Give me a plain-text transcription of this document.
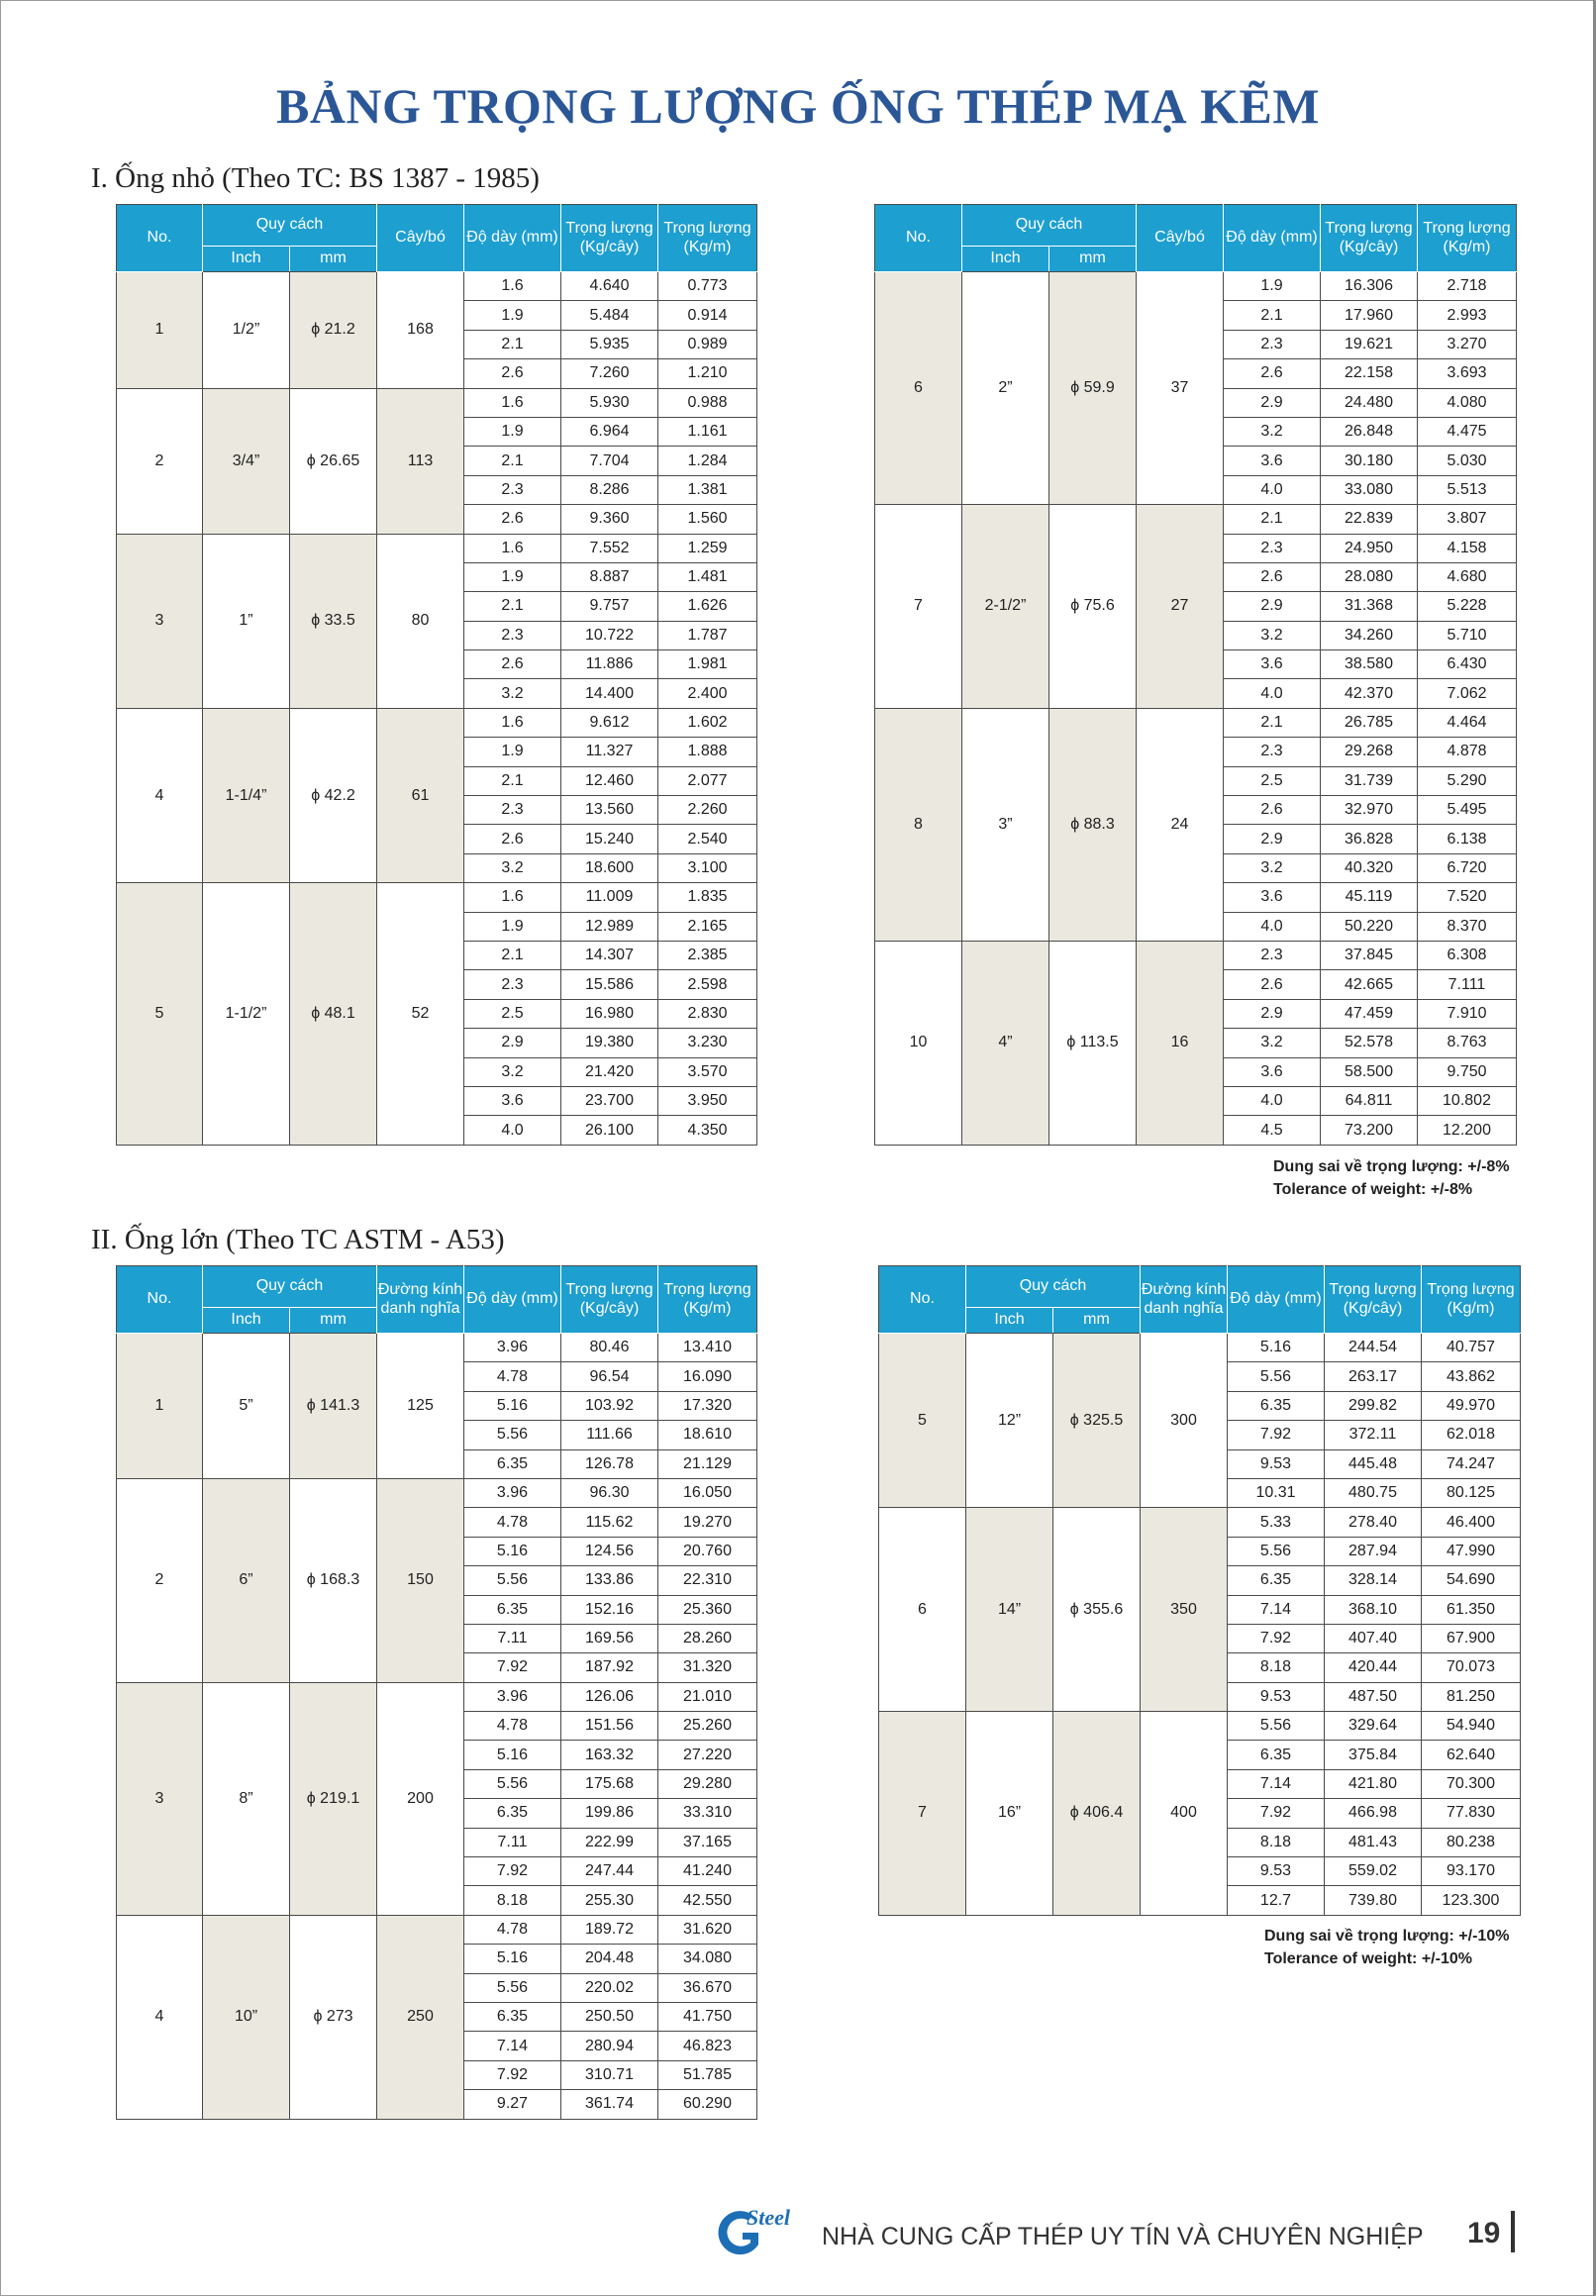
BẢNG TRỌNG LƯỢNG ỐNG THÉP MẠ KẼM
I. Ống nhỏ (Theo TC: BS 1387 - 1985)
No.	Quy cách		Cây/bó	Độ dày (mm)	Trọng lượng (Kg/cây)	Trọng lượng (Kg/m)
	Inch	mm				
1	1/2”	ϕ 21.2	168	1.6	4.640	0.773
				1.9	5.484	0.914
				2.1	5.935	0.989
				2.6	7.260	1.210
2	3/4”	ϕ 26.65	113	1.6	5.930	0.988
				1.9	6.964	1.161
				2.1	7.704	1.284
				2.3	8.286	1.381
				2.6	9.360	1.560
3	1”	ϕ 33.5	80	1.6	7.552	1.259
				1.9	8.887	1.481
				2.1	9.757	1.626
				2.3	10.722	1.787
				2.6	11.886	1.981
				3.2	14.400	2.400
4	1-1/4”	ϕ 42.2	61	1.6	9.612	1.602
				1.9	11.327	1.888
				2.1	12.460	2.077
				2.3	13.560	2.260
				2.6	15.240	2.540
				3.2	18.600	3.100
5	1-1/2”	ϕ 48.1	52	1.6	11.009	1.835
				1.9	12.989	2.165
				2.1	14.307	2.385
				2.3	15.586	2.598
				2.5	16.980	2.830
				2.9	19.380	3.230
				3.2	21.420	3.570
				3.6	23.700	3.950
				4.0	26.100	4.350
No.	Quy cách		Cây/bó	Độ dày (mm)	Trọng lượng (Kg/cây)	Trọng lượng (Kg/m)
	Inch	mm				
6	2”	ϕ 59.9	37	1.9	16.306	2.718
				2.1	17.960	2.993
				2.3	19.621	3.270
				2.6	22.158	3.693
				2.9	24.480	4.080
				3.2	26.848	4.475
				3.6	30.180	5.030
				4.0	33.080	5.513
7	2-1/2”	ϕ 75.6	27	2.1	22.839	3.807
				2.3	24.950	4.158
				2.6	28.080	4.680
				2.9	31.368	5.228
				3.2	34.260	5.710
				3.6	38.580	6.430
				4.0	42.370	7.062
8	3”	ϕ 88.3	24	2.1	26.785	4.464
				2.3	29.268	4.878
				2.5	31.739	5.290
				2.6	32.970	5.495
				2.9	36.828	6.138
				3.2	40.320	6.720
				3.6	45.119	7.520
				4.0	50.220	8.370
10	4”	ϕ 113.5	16	2.3	37.845	6.308
				2.6	42.665	7.111
				2.9	47.459	7.910
				3.2	52.578	8.763
				3.6	58.500	9.750
				4.0	64.811	10.802
				4.5	73.200	12.200
Dung sai về trọng lượng: +/-8%
Tolerance of weight: +/-8%
II. Ống lớn (Theo TC ASTM - A53)
No.	Quy cách		Đường kính danh nghĩa	Độ dày (mm)	Trọng lượng (Kg/cây)	Trọng lượng (Kg/m)
	Inch	mm				
1	5”	ϕ 141.3	125	3.96	80.46	13.410
				4.78	96.54	16.090
				5.16	103.92	17.320
				5.56	111.66	18.610
				6.35	126.78	21.129
2	6”	ϕ 168.3	150	3.96	96.30	16.050
				4.78	115.62	19.270
				5.16	124.56	20.760
				5.56	133.86	22.310
				6.35	152.16	25.360
				7.11	169.56	28.260
				7.92	187.92	31.320
3	8”	ϕ 219.1	200	3.96	126.06	21.010
				4.78	151.56	25.260
				5.16	163.32	27.220
				5.56	175.68	29.280
				6.35	199.86	33.310
				7.11	222.99	37.165
				7.92	247.44	41.240
				8.18	255.30	42.550
4	10”	ϕ 273	250	4.78	189.72	31.620
				5.16	204.48	34.080
				5.56	220.02	36.670
				6.35	250.50	41.750
				7.14	280.94	46.823
				7.92	310.71	51.785
				9.27	361.74	60.290
No.	Quy cách		Đường kính danh nghĩa	Độ dày (mm)	Trọng lượng (Kg/cây)	Trọng lượng (Kg/m)
	Inch	mm				
5	12”	ϕ 325.5	300	5.16	244.54	40.757
				5.56	263.17	43.862
				6.35	299.82	49.970
				7.92	372.11	62.018
				9.53	445.48	74.247
				10.31	480.75	80.125
6	14”	ϕ 355.6	350	5.33	278.40	46.400
				5.56	287.94	47.990
				6.35	328.14	54.690
				7.14	368.10	61.350
				7.92	407.40	67.900
				8.18	420.44	70.073
				9.53	487.50	81.250
7	16”	ϕ 406.4	400	5.56	329.64	54.940
				6.35	375.84	62.640
				7.14	421.80	70.300
				7.92	466.98	77.830
				8.18	481.43	80.238
				9.53	559.02	93.170
				12.7	739.80	123.300
Dung sai về trọng lượng: +/-10%
Tolerance of weight: +/-10%
Steel
NHÀ CUNG CẤP THÉP UY TÍN VÀ CHUYÊN NGHIỆP 19
